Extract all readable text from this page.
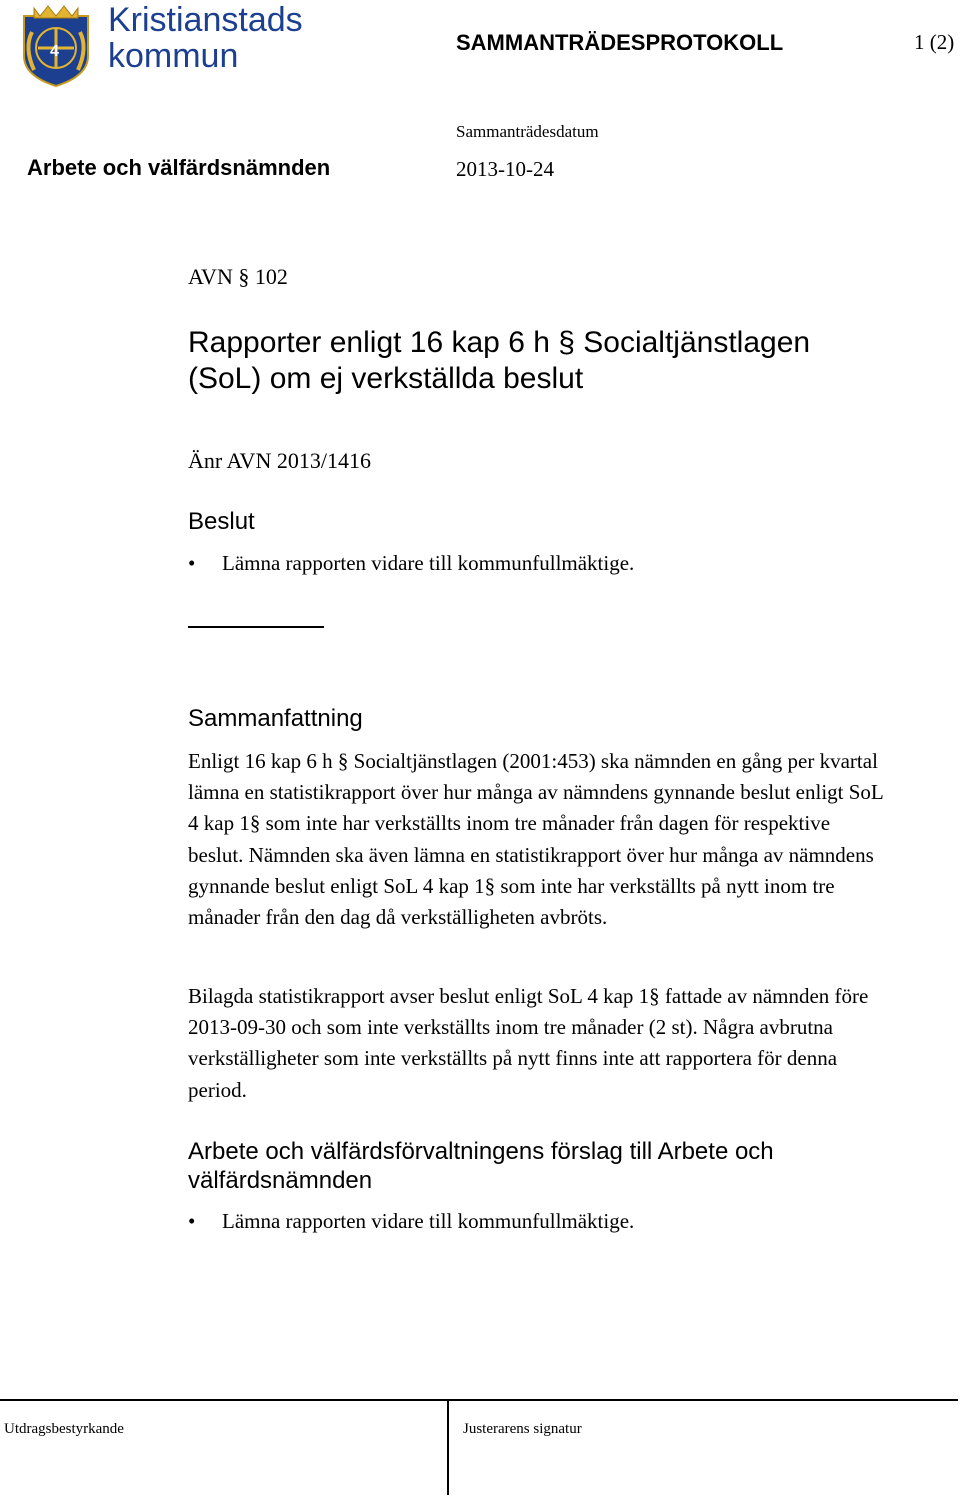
4
Kristianstads
kommun	SAMMANTRÄDESPROTOKOLL	1 (2)
Sammanträdesdatum
Arbete och välfärdsnämnden	2013-10-24
AVN § 102
Rapporter enligt 16 kap 6 h § Socialtjänstlagen (SoL) om ej verkställda beslut
Änr AVN 2013/1416
Beslut
• Lämna rapporten vidare till kommunfullmäktige.
Sammanfattning
Enligt 16 kap 6 h § Socialtjänstlagen (2001:453) ska nämnden en gång per kvartal lämna en statistikrapport över hur många av nämndens gynnande beslut enligt SoL 4 kap 1§ som inte har verkställts inom tre månader från dagen för respektive beslut. Nämnden ska även lämna en statistikrapport över hur många av nämndens gynnande beslut enligt SoL 4 kap 1§ som inte har verkställts på nytt inom tre månader från den dag då verkställigheten avbröts.
Bilagda statistikrapport avser beslut enligt SoL 4 kap 1§ fattade av nämnden före 2013-09-30 och som inte verkställts inom tre månader (2 st). Några avbrutna verkställigheter som inte verkställts på nytt finns inte att rapportera för denna period.
Arbete och välfärdsförvaltningens förslag till Arbete och välfärdsnämnden
• Lämna rapporten vidare till kommunfullmäktige.
Utdragsbestyrkande	Justerarens signatur
